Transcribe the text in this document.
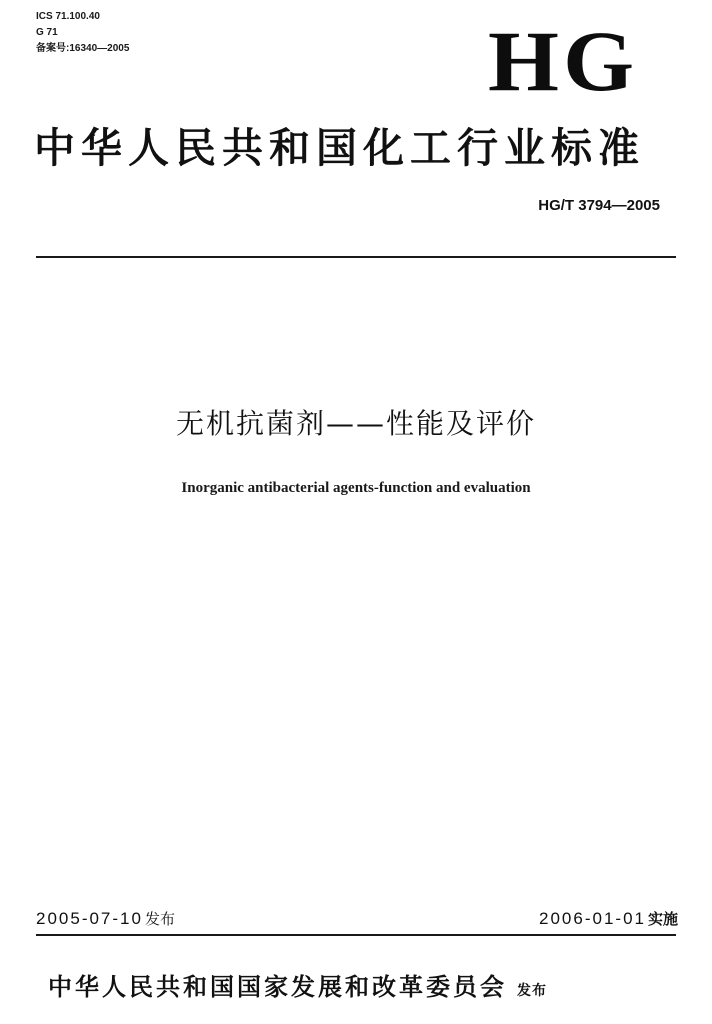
ICS 71.100.40
G 71
备案号:16340—2005	HG
中华人民共和国化工行业标准
HG/T 3794—2005
无机抗菌剂——性能及评价
Inorganic antibacterial agents-function and evaluation
2005-07-10 发布	2006-01-01 实施
中华人民共和国国家发展和改革委员会 发布
